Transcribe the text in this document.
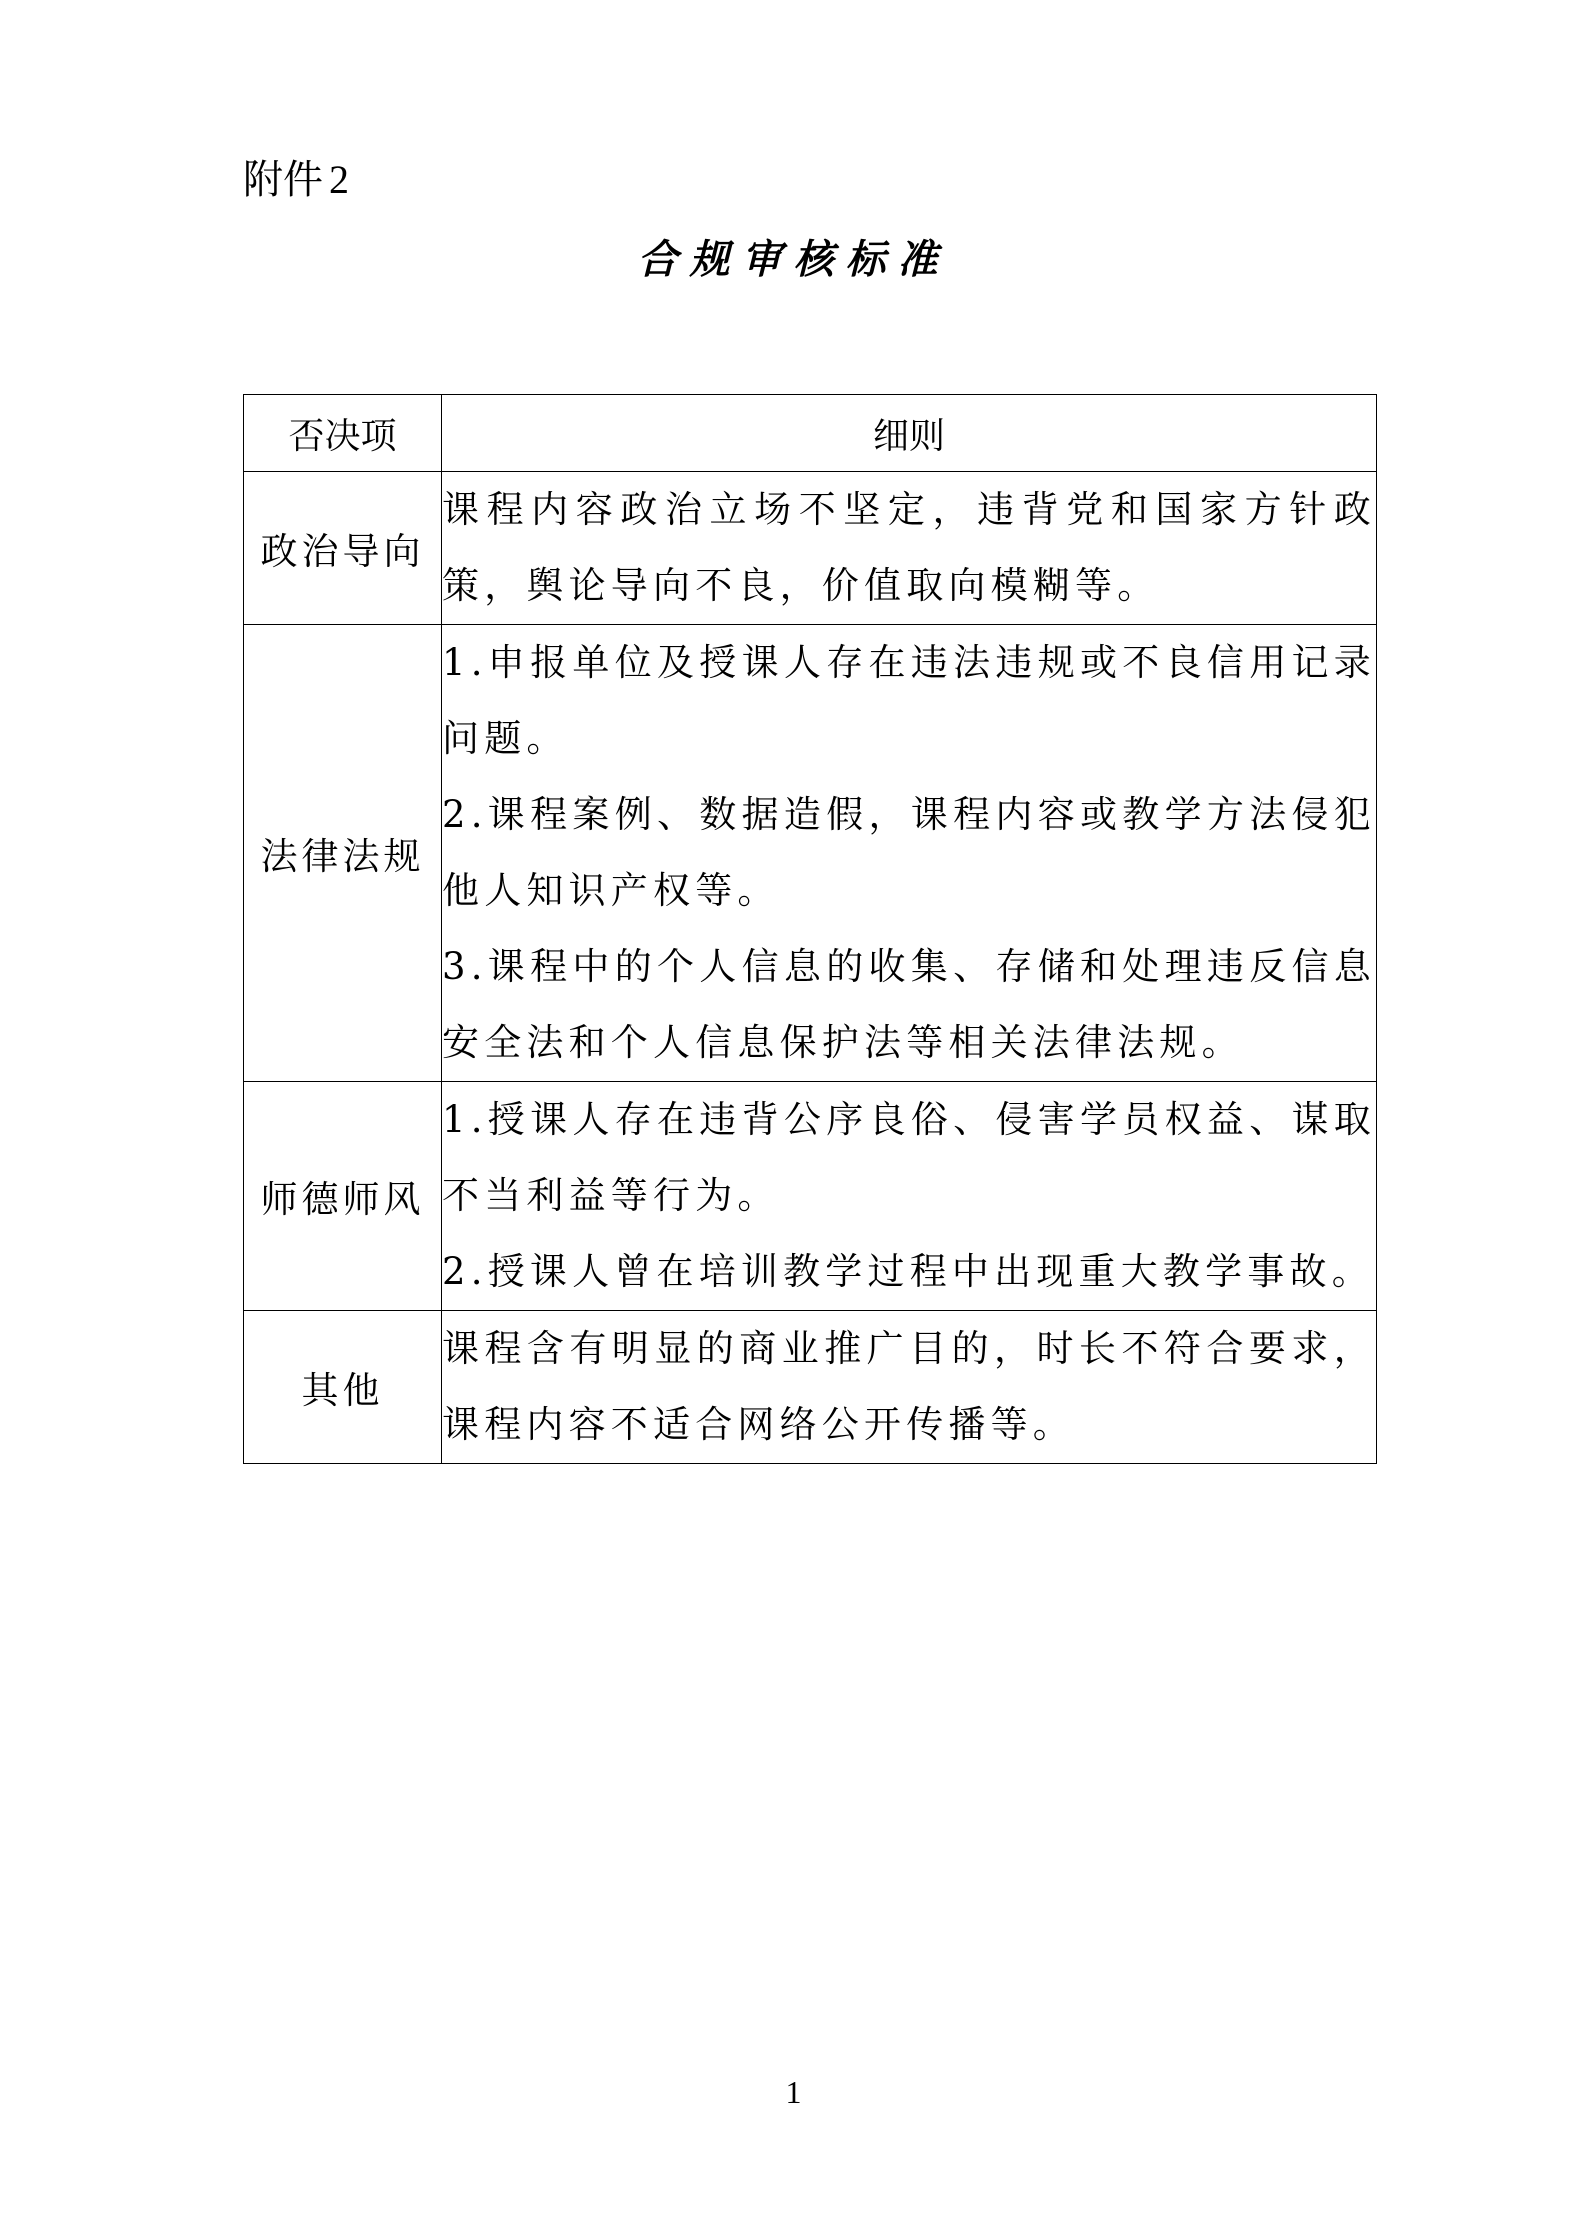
附件 2
合规审核标准
否决项	细则
政治导向	课程内容政治立场不坚定，违背党和国家方针政策，舆论导向不良，价值取向模糊等。

法律法规	1.申报单位及授课人存在违法违规或不良信用记录问题。
2.课程案例、数据造假，课程内容或教学方法侵犯他人知识产权等。
3.课程中的个人信息的收集、存储和处理违反信息安全法和个人信息保护法等相关法律法规。

师德师风	1.授课人存在违背公序良俗、侵害学员权益、谋取不当利益等行为。
2.授课人曾在培训教学过程中出现重大教学事故。

其他	课程含有明显的商业推广目的，时长不符合要求，课程内容不适合网络公开传播等。
1
